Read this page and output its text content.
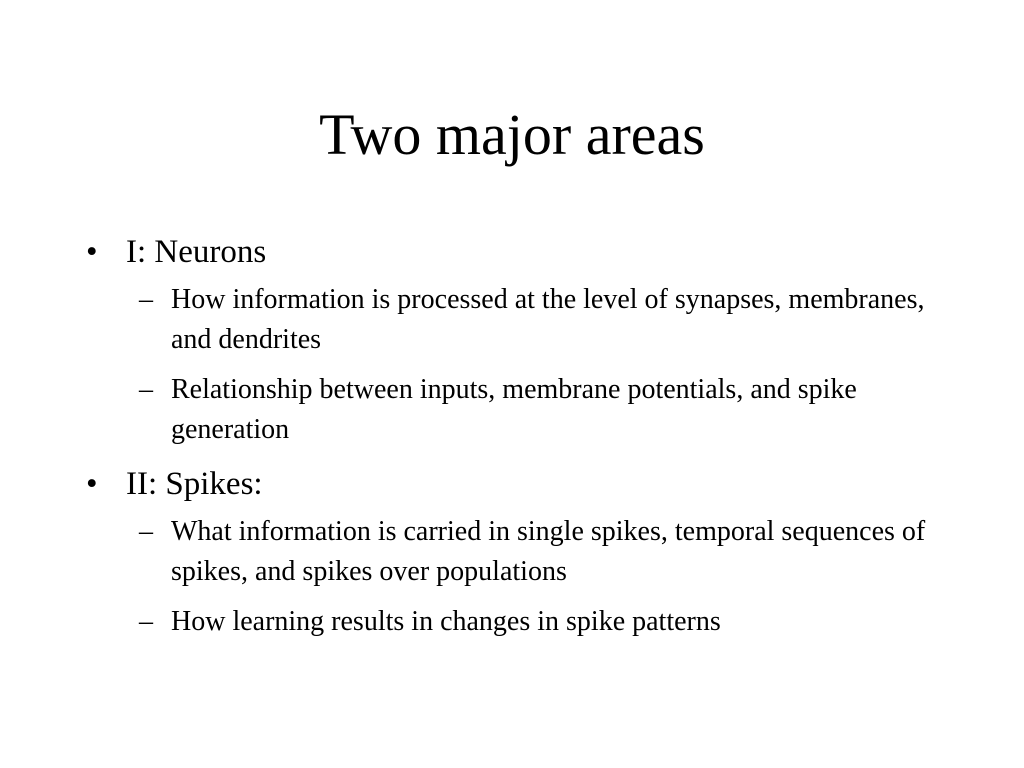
Two major areas
• I: Neurons
– How information is processed at the level of synapses, membranes, and dendrites
– Relationship between inputs, membrane potentials, and spike generation
• II: Spikes:
– What information is carried in single spikes, temporal sequences of spikes, and spikes over populations
– How learning results in changes in spike patterns
